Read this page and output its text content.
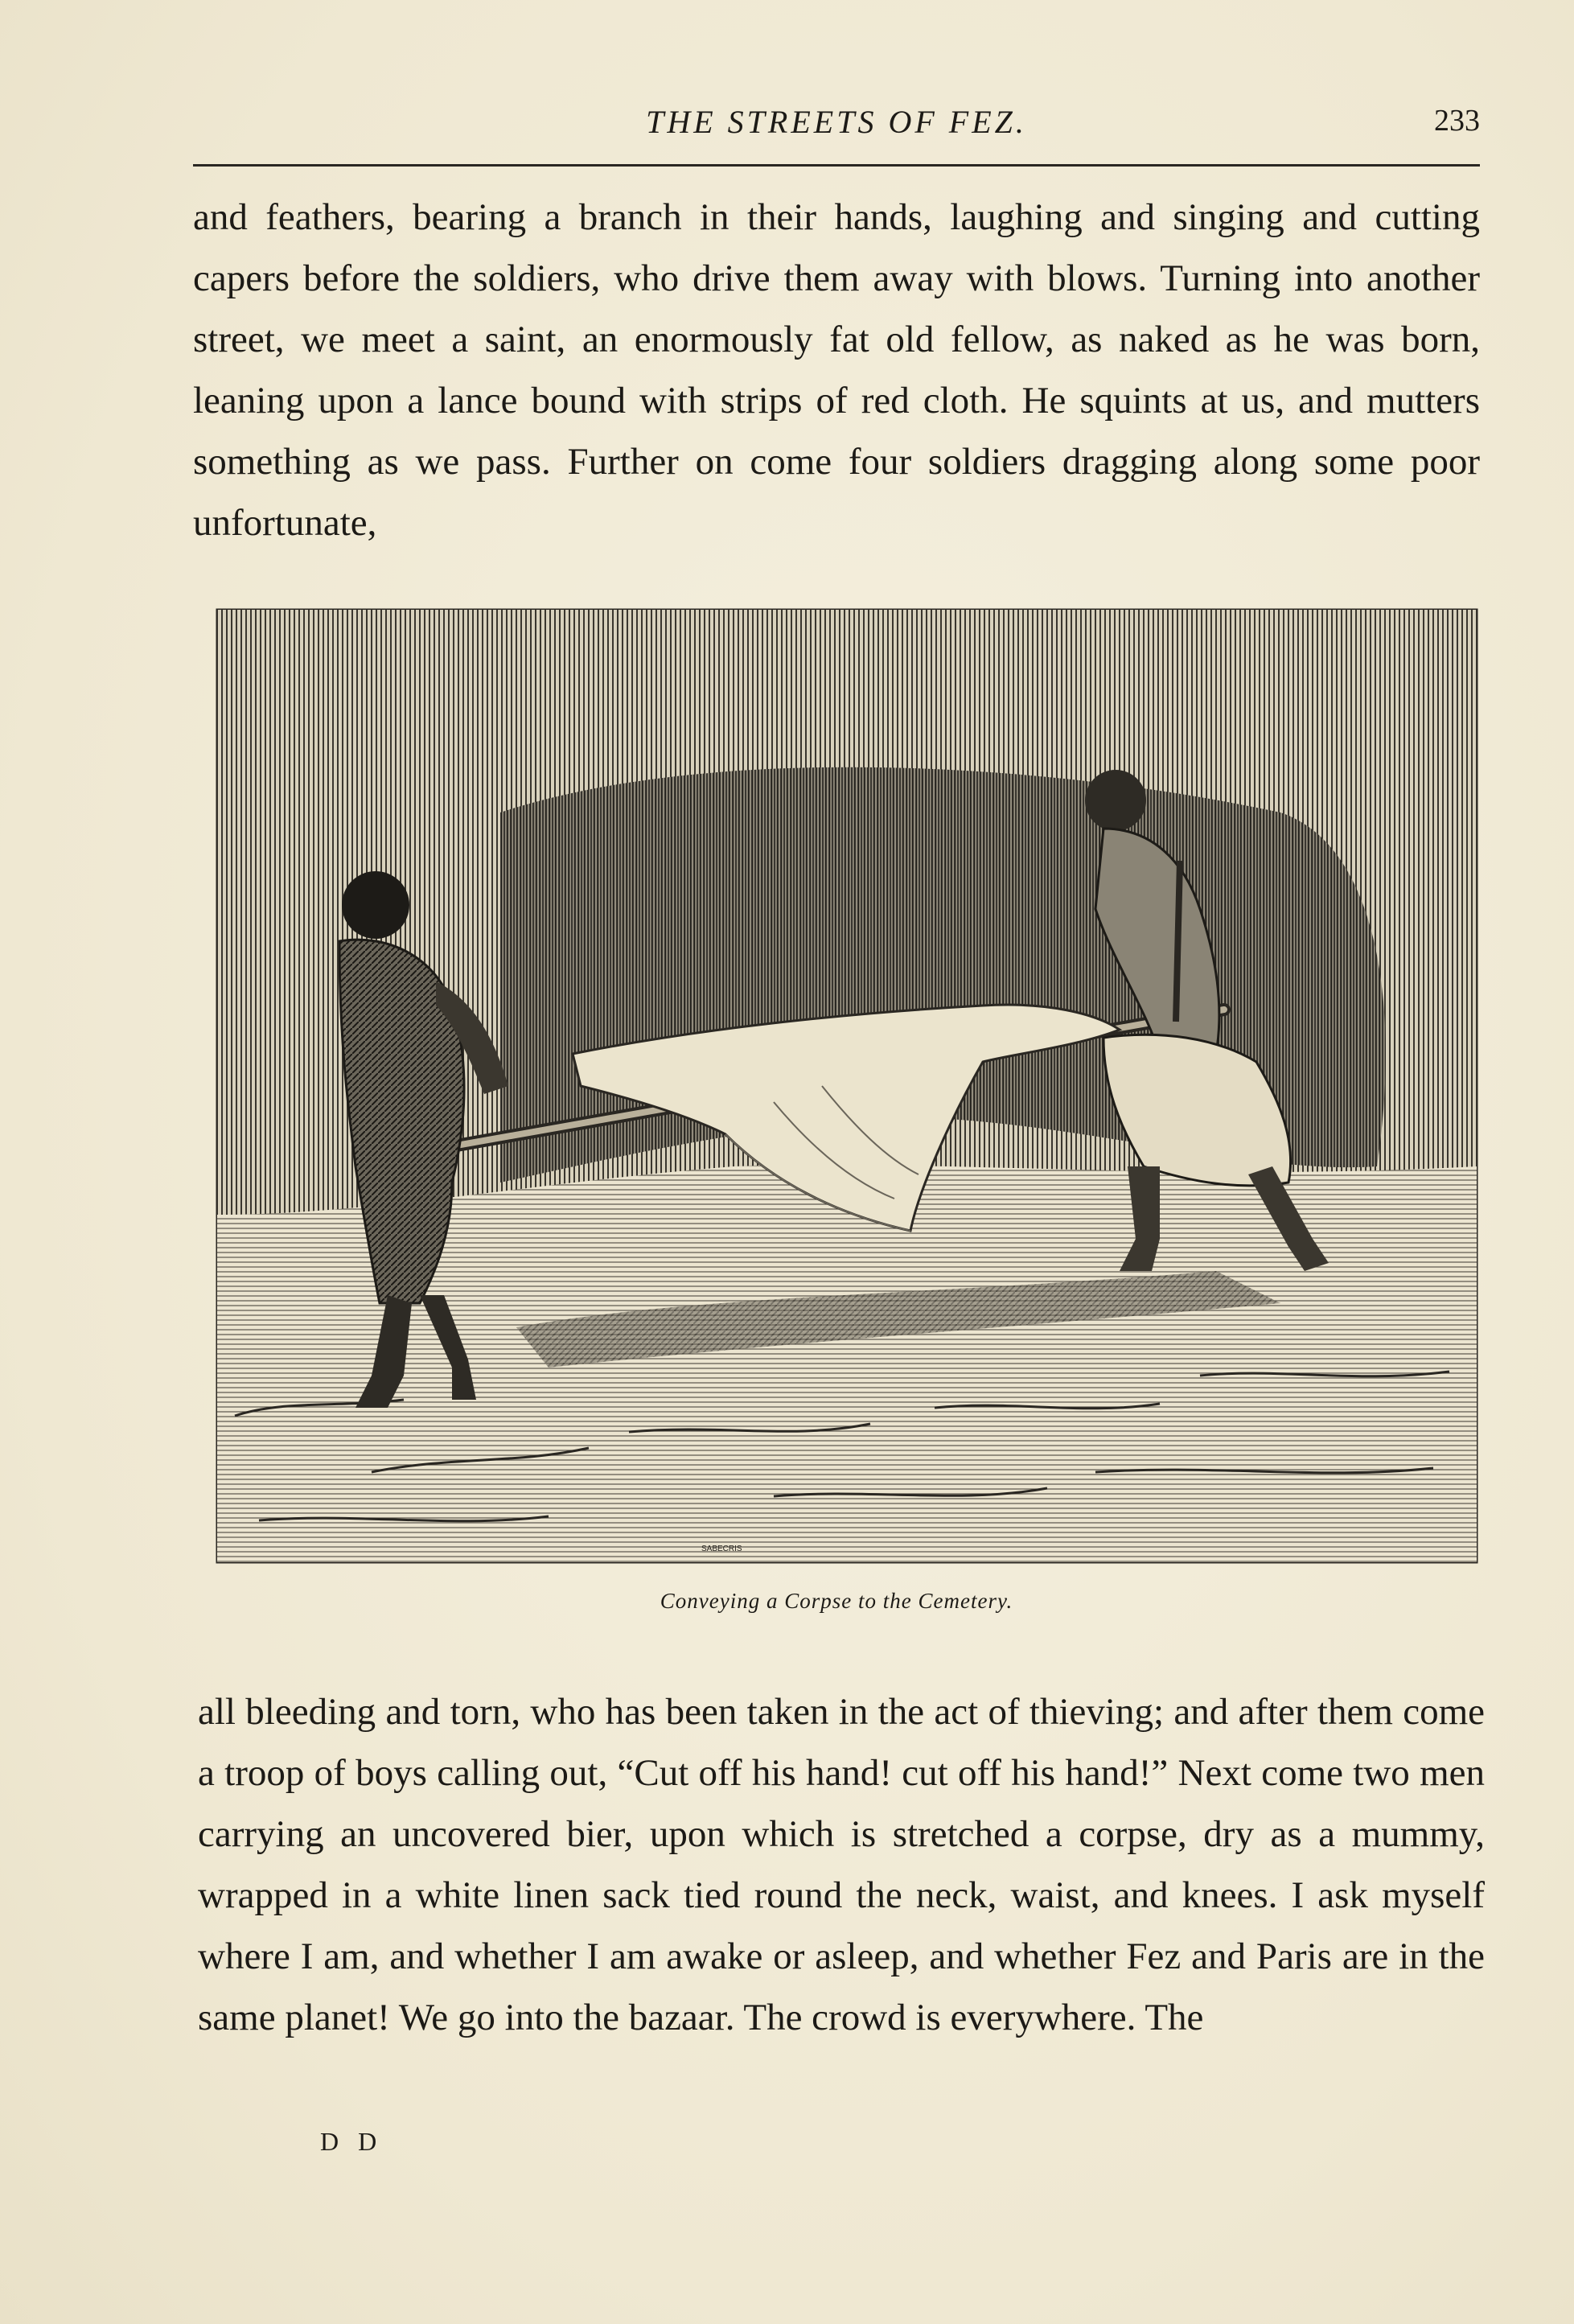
THE STREETS OF FEZ.	233

and feathers, bearing a branch in their hands, laughing and singing and cutting capers before the soldiers, who drive them away with blows. Turning into another street, we meet a saint, an enormously fat old fellow, as naked as he was born, leaning upon a lance bound with strips of red cloth. He squints at us, and mutters something as we pass. Further on come four soldiers dragging along some poor unfortunate,

SABECRIS
Conveying a Corpse to the Cemetery.

all bleeding and torn, who has been taken in the act of thieving; and after them come a troop of boys calling out, “Cut off his hand! cut off his hand!” Next come two men carrying an uncovered bier, upon which is stretched a corpse, dry as a mummy, wrapped in a white linen sack tied round the neck, waist, and knees. I ask myself where I am, and whether I am awake or asleep, and whether Fez and Paris are in the same planet! We go into the bazaar. The crowd is everywhere. The

D D
